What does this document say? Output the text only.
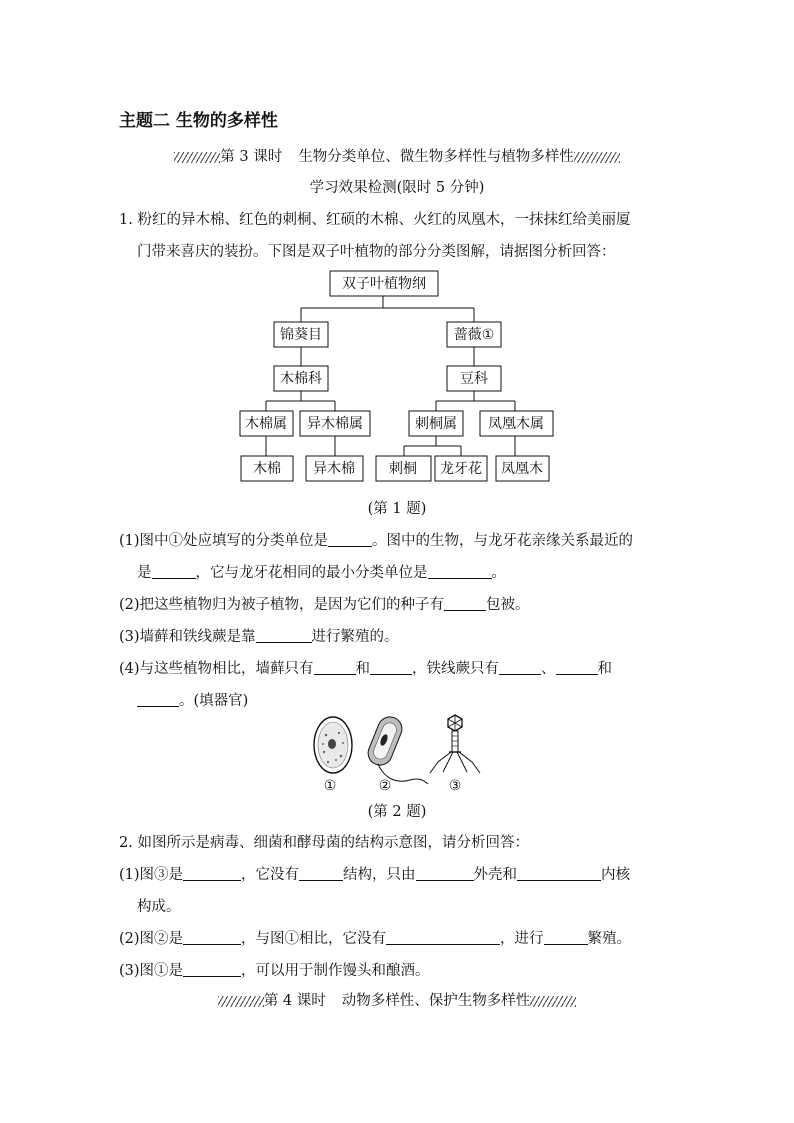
主题二 生物的多样性
第 3 课时 生物分类单位、微生物多样性与植物多样性
学习效果检测(限时 5 分钟)
1. 粉红的异木棉、红色的刺桐、红硕的木棉、火红的凤凰木，一抹抹红给美丽厦
门带来喜庆的装扮。下图是双子叶植物的部分分类图解，请据图分析回答：
双子叶植物纲
锦葵目	蔷薇①
木棉科	豆科
木棉属 异木棉属	刺桐属 凤凰木属
木棉 异木棉 刺桐 龙牙花 凤凰木
(第 1 题)
(1)图中①处应填写的分类单位是	。图中的生物，与龙牙花亲缘关系最近的
是	，它与龙牙花相同的最小分类单位是	。
(2)把这些植物归为被子植物，是因为它们的种子有	包被。
(3)墙藓和铁线蕨是靠	进行繁殖的。
(4)与这些植物相比，墙藓只有	和	，铁线蕨只有	、	和
。(填器官)
①	②	③
(第 2 题)
2. 如图所示是病毒、细菌和酵母菌的结构示意图，请分析回答：
(1)图③是	，它没有	结构，只由	外壳和	内核
构成。
(2)图②是	，与图①相比，它没有	，进行	繁殖。
(3)图①是	，可以用于制作馒头和酿酒。
第 4 课时 动物多样性、保护生物多样性
